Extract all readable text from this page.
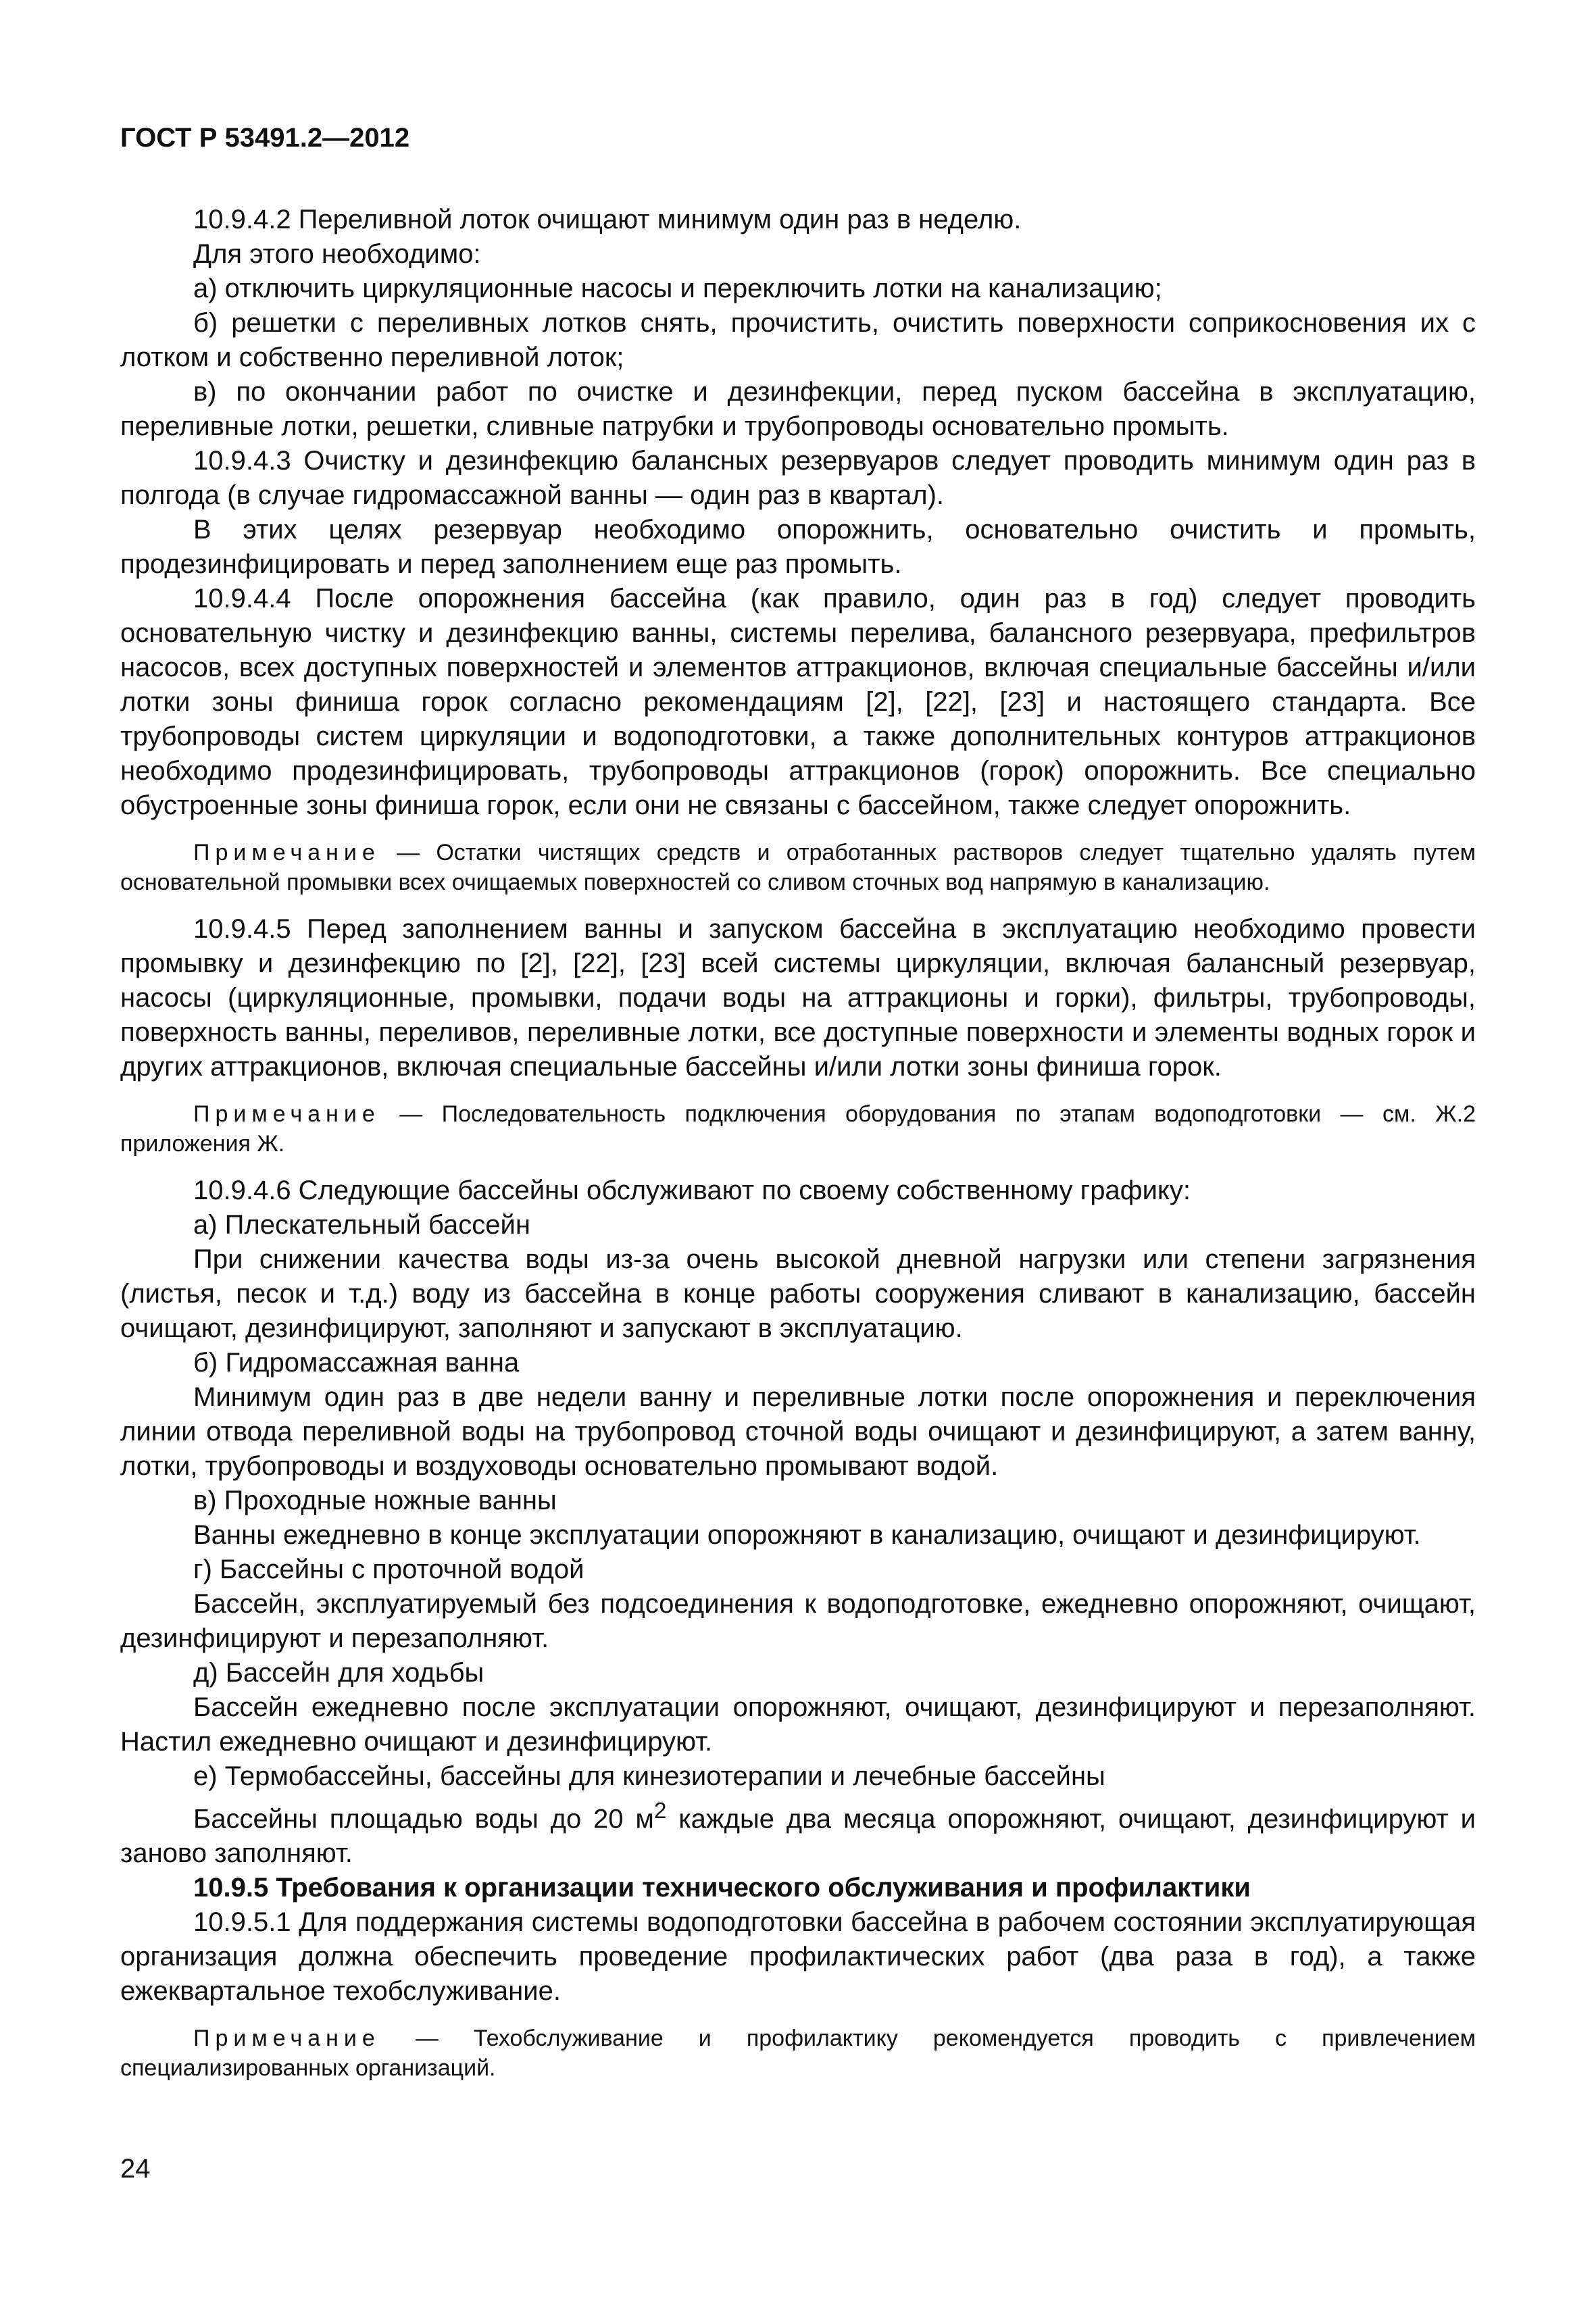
ГОСТ Р 53491.2—2012

10.9.4.2 Переливной лоток очищают минимум один раз в неделю.

Для этого необходимо:

а) отключить циркуляционные насосы и переключить лотки на канализацию;

б) решетки с переливных лотков снять, прочистить, очистить поверхности соприкосновения их с лотком и собственно переливной лоток;

в) по окончании работ по очистке и дезинфекции, перед пуском бассейна в эксплуатацию, переливные лотки, решетки, сливные патрубки и трубопроводы основательно промыть.

10.9.4.3 Очистку и дезинфекцию балансных резервуаров следует проводить минимум один раз в полгода (в случае гидромассажной ванны — один раз в квартал).

В этих целях резервуар необходимо опорожнить, основательно очистить и промыть, продезинфицировать и перед заполнением еще раз промыть.

10.9.4.4 После опорожнения бассейна (как правило, один раз в год) следует проводить основательную чистку и дезинфекцию ванны, системы перелива, балансного резервуара, префильтров насосов, всех доступных поверхностей и элементов аттракционов, включая специальные бассейны и/или лотки зоны финиша горок согласно рекомендациям [2], [22], [23] и настоящего стандарта. Все трубопроводы систем циркуляции и водоподготовки, а также дополнительных контуров аттракционов необходимо продезинфицировать, трубопроводы аттракционов (горок) опорожнить. Все специально обустроенные зоны финиша горок, если они не связаны с бассейном, также следует опорожнить.

Примечание — Остатки чистящих средств и отработанных растворов следует тщательно удалять путем основательной промывки всех очищаемых поверхностей со сливом сточных вод напрямую в канализацию.

10.9.4.5 Перед заполнением ванны и запуском бассейна в эксплуатацию необходимо провести промывку и дезинфекцию по [2], [22], [23] всей системы циркуляции, включая балансный резервуар, насосы (циркуляционные, промывки, подачи воды на аттракционы и горки), фильтры, трубопроводы, поверхность ванны, переливов, переливные лотки, все доступные поверхности и элементы водных горок и других аттракционов, включая специальные бассейны и/или лотки зоны финиша горок.

Примечание — Последовательность подключения оборудования по этапам водоподготовки — см. Ж.2 приложения Ж.

10.9.4.6 Следующие бассейны обслуживают по своему собственному графику:

а) Плескательный бассейн

При снижении качества воды из-за очень высокой дневной нагрузки или степени загрязнения (листья, песок и т.д.) воду из бассейна в конце работы сооружения сливают в канализацию, бассейн очищают, дезинфицируют, заполняют и запускают в эксплуатацию.

б) Гидромассажная ванна

Минимум один раз в две недели ванну и переливные лотки после опорожнения и переключения линии отвода переливной воды на трубопровод сточной воды очищают и дезинфицируют, а затем ванну, лотки, трубопроводы и воздуховоды основательно промывают водой.

в) Проходные ножные ванны

Ванны ежедневно в конце эксплуатации опорожняют в канализацию, очищают и дезинфицируют.

г) Бассейны с проточной водой

Бассейн, эксплуатируемый без подсоединения к водоподготовке, ежедневно опорожняют, очищают, дезинфицируют и перезаполняют.

д) Бассейн для ходьбы

Бассейн ежедневно после эксплуатации опорожняют, очищают, дезинфицируют и перезаполняют. Настил ежедневно очищают и дезинфицируют.

е) Термобассейны, бассейны для кинезиотерапии и лечебные бассейны

Бассейны площадью воды до 20 $м^2$ каждые два месяца опорожняют, очищают, дезинфицируют и заново заполняют.

10.9.5 Требования к организации технического обслуживания и профилактики

10.9.5.1 Для поддержания системы водоподготовки бассейна в рабочем состоянии эксплуатирующая организация должна обеспечить проведение профилактических работ (два раза в год), а также ежеквартальное техобслуживание.

Примечание — Техобслуживание и профилактику рекомендуется проводить с привлечением специализированных организаций.

24
